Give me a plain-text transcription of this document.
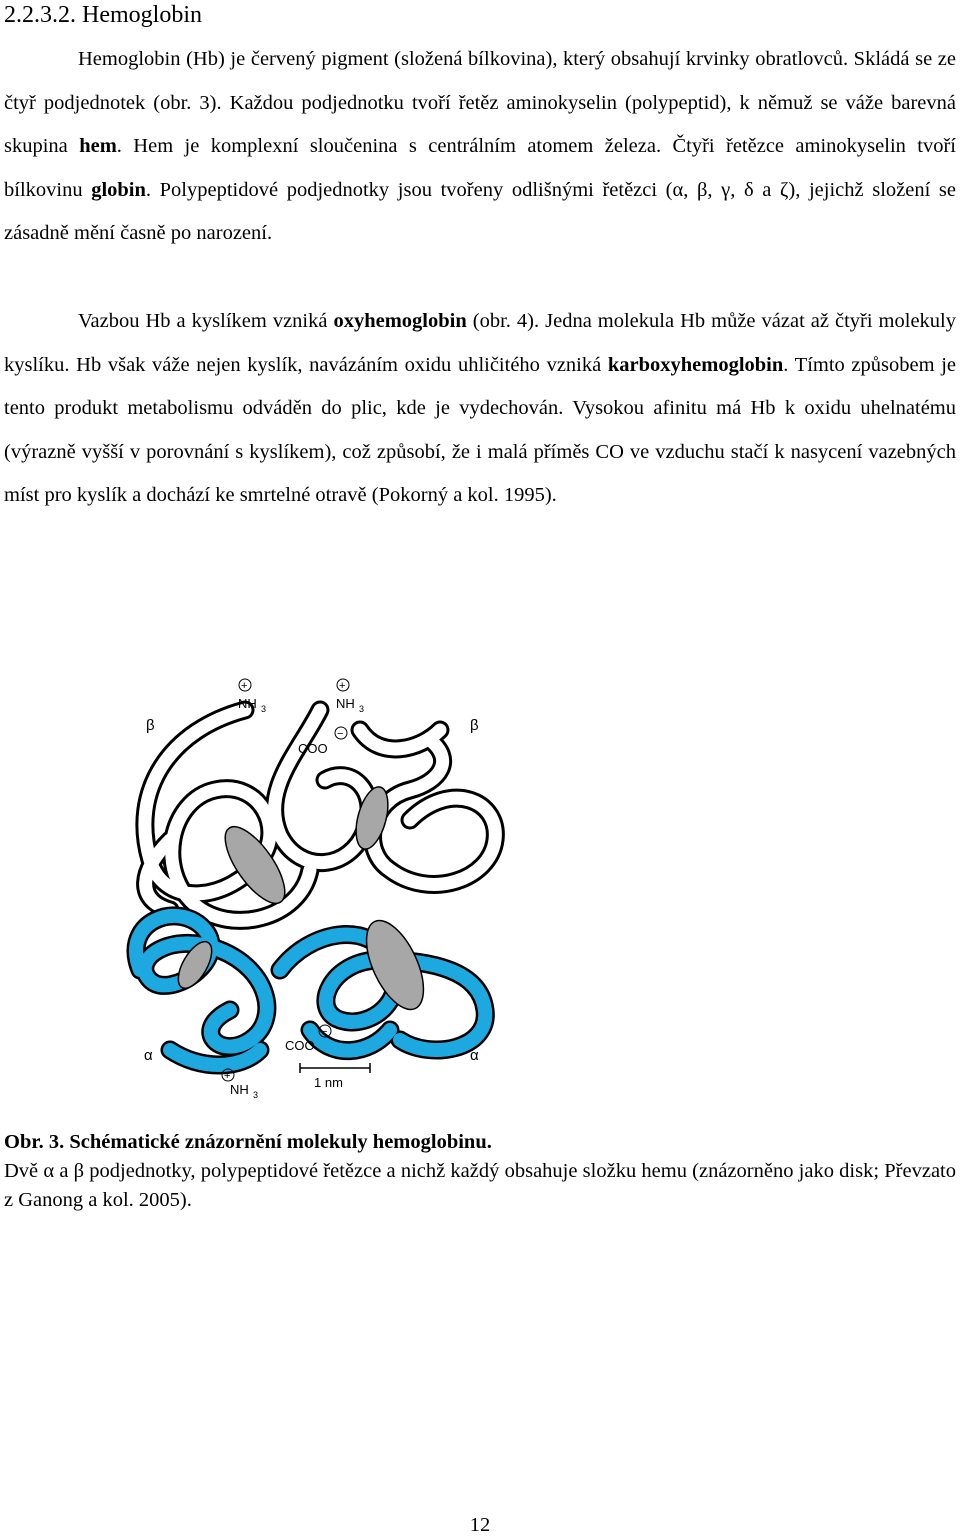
2.2.3.2. Hemoglobin

Hemoglobin (Hb) je červený pigment (složená bílkovina), který obsahují krvinky obratlovců. Skládá se ze čtyř podjednotek (obr. 3). Každou podjednotku tvoří řetěz aminokyselin (polypeptid), k němuž se váže barevná skupina hem. Hem je komplexní sloučenina s centrálním atomem železa. Čtyři řetězce aminokyselin tvoří bílkovinu globin. Polypeptidové podjednotky jsou tvořeny odlišnými řetězci (α, β, γ, δ a ζ), jejichž složení se zásadně mění časně po narození.

Vazbou Hb a kyslíkem vzniká oxyhemoglobin (obr. 4). Jedna molekula Hb může vázat až čtyři molekuly kyslíku. Hb však váže nejen kyslík, navázáním oxidu uhličitého vzniká karboxyhemoglobin. Tímto způsobem je tento produkt metabolismu odváděn do plic, kde je vydechován. Vysokou afinitu má Hb k oxidu uhelnatému (výrazně vyšší v porovnání s kyslíkem), což způsobí, že i malá příměs CO ve vzduchu stačí k nasycení vazebných míst pro kyslík a dochází ke smrtelné otravě (Pokorný a kol. 1995).

+
NH 3
+
NH 3
COO
−
β	β
α	α
COO
−
+
NH 3
1 nm

Obr. 3. Schématické znázornění molekuly hemoglobinu.

Dvě α a β podjednotky, polypeptidové řetězce a nichž každý obsahuje složku hemu (znázorněno jako disk; Převzato z Ganong a kol. 2005).

12
